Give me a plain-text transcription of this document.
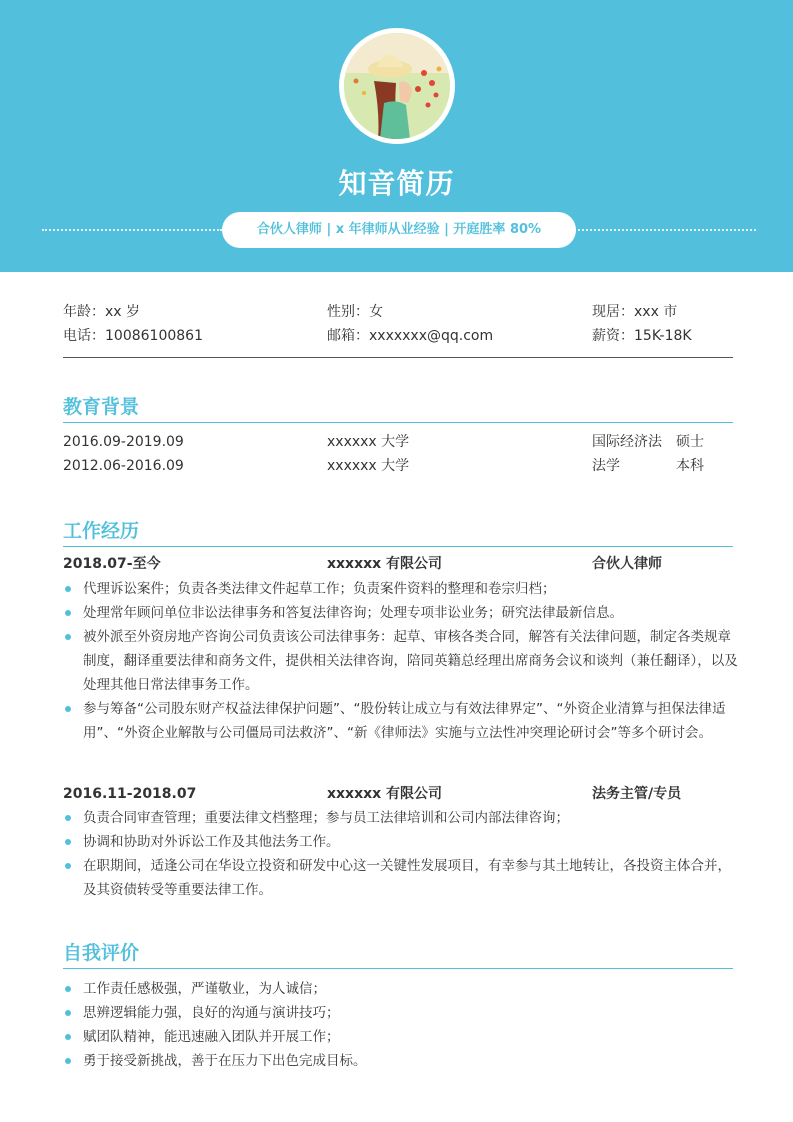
知音简历
合伙人律师 | x 年律师从业经验 | 开庭胜率 80%
年龄：xx 岁	性别：女	现居：xxx 市
电话：10086100861	邮箱：xxxxxxx@qq.com	薪资：15K-18K
教育背景
2016.09-2019.09	xxxxxx 大学	国际经济法 硕士
2012.06-2016.09	xxxxxx 大学	法学	本科
工作经历
2018.07-至今	xxxxxx 有限公司	合伙人律师
代理诉讼案件；负责各类法律文件起草工作；负责案件资料的整理和卷宗归档；
处理常年顾问单位非讼法律事务和答复法律咨询；处理专项非讼业务；研究法律最新信息。
被外派至外资房地产咨询公司负责该公司法律事务：起草、审核各类合同，解答有关法律问题，制定各类规章制度，翻译重要法律和商务文件，提供相关法律咨询，陪同英籍总经理出席商务会议和谈判（兼任翻译），以及处理其他日常法律事务工作。
参与筹备“公司股东财产权益法律保护问题”、“股份转让成立与有效法律界定”、“外资企业清算与担保法律适用”、“外资企业解散与公司僵局司法救济”、“新《律师法》实施与立法性冲突理论研讨会”等多个研讨会。
2016.11-2018.07	xxxxxx 有限公司	法务主管/专员
负责合同审查管理；重要法律文档整理；参与员工法律培训和公司内部法律咨询；
协调和协助对外诉讼工作及其他法务工作。
在职期间，适逢公司在华设立投资和研发中心这一关键性发展项目，有幸参与其土地转让，各投资主体合并，及其资债转受等重要法律工作。
自我评价
工作责任感极强，严谨敬业，为人诚信；
思辨逻辑能力强，良好的沟通与演讲技巧；
赋团队精神，能迅速融入团队并开展工作；
勇于接受新挑战，善于在压力下出色完成目标。
